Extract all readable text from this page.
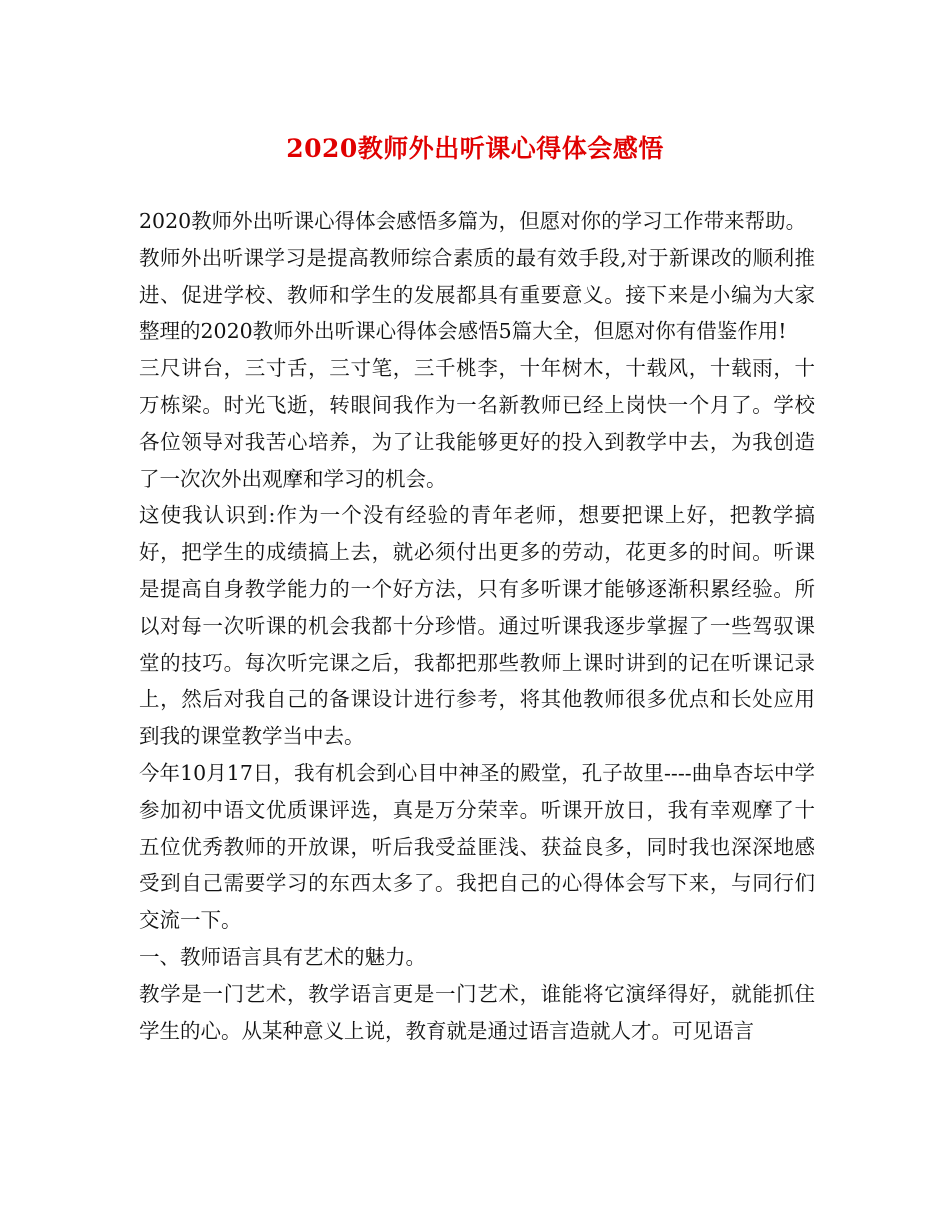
2020教师外出听课心得体会感悟

2020教师外出听课心得体会感悟多篇为，但愿对你的学习工作带来帮助。

教师外出听课学习是提高教师综合素质的最有效手段,对于新课改的顺利推进、促进学校、教师和学生的发展都具有重要意义。接下来是小编为大家整理的2020教师外出听课心得体会感悟5篇大全，但愿对你有借鉴作用!

三尺讲台，三寸舌，三寸笔，三千桃李，十年树木，十载风，十载雨，十万栋梁。时光飞逝，转眼间我作为一名新教师已经上岗快一个月了。学校各位领导对我苦心培养，为了让我能够更好的投入到教学中去，为我创造了一次次外出观摩和学习的机会。

这使我认识到:作为一个没有经验的青年老师，想要把课上好，把教学搞好，把学生的成绩搞上去，就必须付出更多的劳动，花更多的时间。听课是提高自身教学能力的一个好方法，只有多听课才能够逐渐积累经验。所以对每一次听课的机会我都十分珍惜。通过听课我逐步掌握了一些驾驭课堂的技巧。每次听完课之后，我都把那些教师上课时讲到的记在听课记录上，然后对我自己的备课设计进行参考，将其他教师很多优点和长处应用到我的课堂教学当中去。

今年10月17日，我有机会到心目中神圣的殿堂，孔子故里----曲阜杏坛中学参加初中语文优质课评选，真是万分荣幸。听课开放日，我有幸观摩了十五位优秀教师的开放课，听后我受益匪浅、获益良多，同时我也深深地感受到自己需要学习的东西太多了。我把自己的心得体会写下来，与同行们交流一下。

一、教师语言具有艺术的魅力。

教学是一门艺术，教学语言更是一门艺术，谁能将它演绎得好，就能抓住学生的心。从某种意义上说，教育就是通过语言造就人才。可见语言
